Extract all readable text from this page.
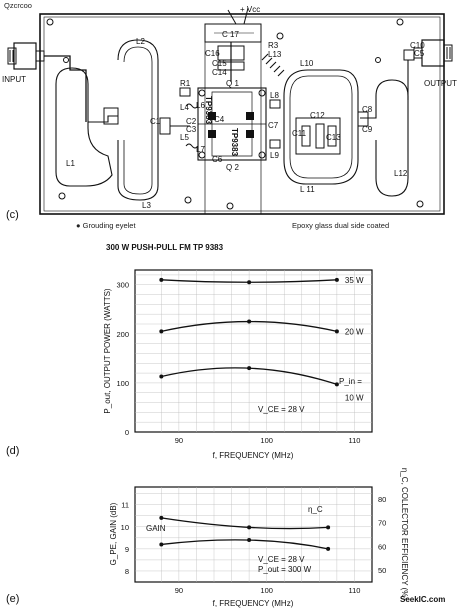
Qzcrcoo
C 17
C16
C15
C14
R3
L13
L10
L2
L1
L3
R1
L4
L5
L6
L7
L8
L9
C1	C2
C3
C4
C5
C6
C7
C8
C9
C10
C11
C12
C13
Q 1
Q 2
TP9383
TP9383
L 11
L12
+ Vcc
INPUT	OUTPUT
● Grouding eyelet	Epoxy glass dual side coated
(c)
300 W PUSH-PULL FM TP 9383
90	100	110
0
100
200
300
35 W
20 W
10 W
f, FREQUENCY (MHz)
P_out, OUTPUT POWER (WATTS)	V_CE = 28 V
P_in =
(d)
90	100	110
8
9
10
11
50
60
70
80
f, FREQUENCY (MHz)
G_PE, GAIN (dB)	η_C, COLLECTOR EFFICIENCY (%)
GAIN
η_C
V_CE = 28 V
P_out = 300 W
(e)	SeekIC.com
